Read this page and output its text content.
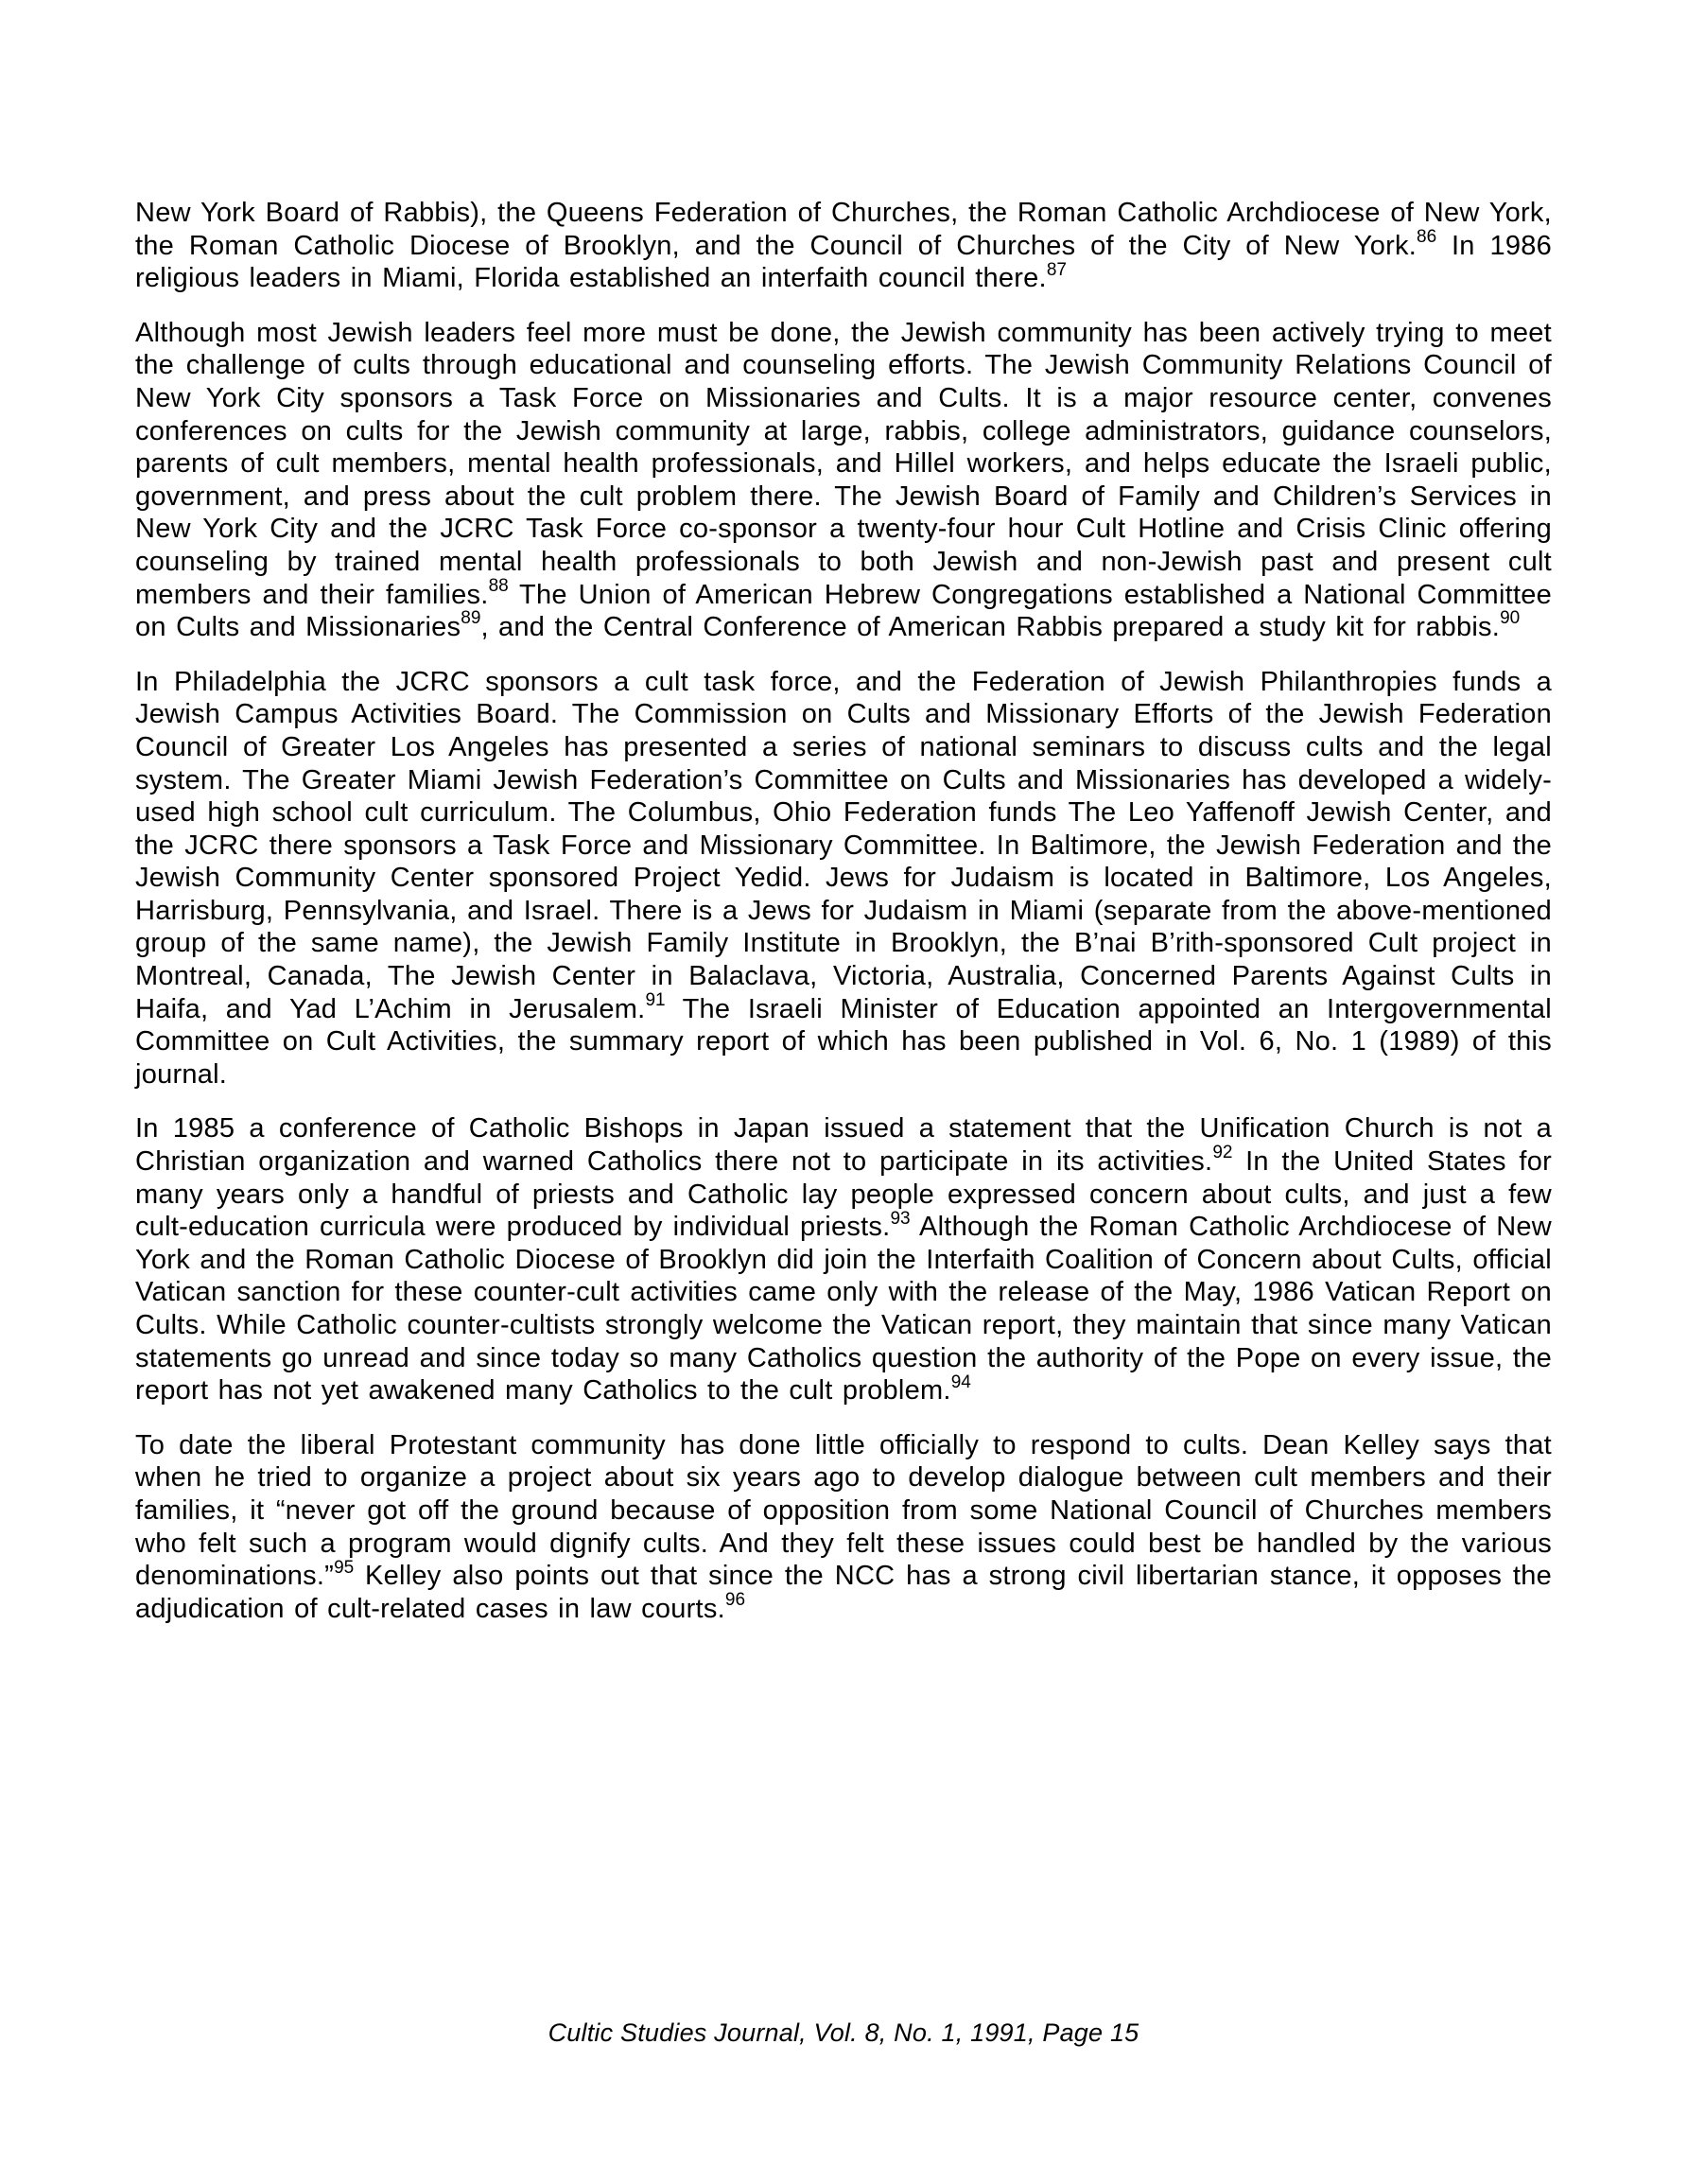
New York Board of Rabbis), the Queens Federation of Churches, the Roman Catholic Archdiocese of New York, the Roman Catholic Diocese of Brooklyn, and the Council of Churches of the City of New York.$^{86}$ In 1986 religious leaders in Miami, Florida established an interfaith council there.$^{87}$

Although most Jewish leaders feel more must be done, the Jewish community has been actively trying to meet the challenge of cults through educational and counseling efforts. The Jewish Community Relations Council of New York City sponsors a Task Force on Missionaries and Cults. It is a major resource center, convenes conferences on cults for the Jewish community at large, rabbis, college administrators, guidance counselors, parents of cult members, mental health professionals, and Hillel workers, and helps educate the Israeli public, government, and press about the cult problem there. The Jewish Board of Family and Children’s Services in New York City and the JCRC Task Force co-sponsor a twenty-four hour Cult Hotline and Crisis Clinic offering counseling by trained mental health professionals to both Jewish and non-Jewish past and present cult members and their families.$^{88}$ The Union of American Hebrew Congregations established a National Committee on Cults and Missionaries$^{89}$, and the Central Conference of American Rabbis prepared a study kit for rabbis.$^{90}$

In Philadelphia the JCRC sponsors a cult task force, and the Federation of Jewish Philanthropies funds a Jewish Campus Activities Board. The Commission on Cults and Missionary Efforts of the Jewish Federation Council of Greater Los Angeles has presented a series of national seminars to discuss cults and the legal system. The Greater Miami Jewish Federation’s Committee on Cults and Missionaries has developed a widely-used high school cult curriculum. The Columbus, Ohio Federation funds The Leo Yaffenoff Jewish Center, and the JCRC there sponsors a Task Force and Missionary Committee. In Baltimore, the Jewish Federation and the Jewish Community Center sponsored Project Yedid. Jews for Judaism is located in Baltimore, Los Angeles, Harrisburg, Pennsylvania, and Israel. There is a Jews for Judaism in Miami (separate from the above-mentioned group of the same name), the Jewish Family Institute in Brooklyn, the B’nai B’rith-sponsored Cult project in Montreal, Canada, The Jewish Center in Balaclava, Victoria, Australia, Concerned Parents Against Cults in Haifa, and Yad L’Achim in Jerusalem.$^{91}$ The Israeli Minister of Education appointed an Intergovernmental Committee on Cult Activities, the summary report of which has been published in Vol. 6, No. 1 (1989) of this journal.

In 1985 a conference of Catholic Bishops in Japan issued a statement that the Unification Church is not a Christian organization and warned Catholics there not to participate in its activities.$^{92}$ In the United States for many years only a handful of priests and Catholic lay people expressed concern about cults, and just a few cult-education curricula were produced by individual priests.$^{93}$ Although the Roman Catholic Archdiocese of New York and the Roman Catholic Diocese of Brooklyn did join the Interfaith Coalition of Concern about Cults, official Vatican sanction for these counter-cult activities came only with the release of the May, 1986 Vatican Report on Cults. While Catholic counter-cultists strongly welcome the Vatican report, they maintain that since many Vatican statements go unread and since today so many Catholics question the authority of the Pope on every issue, the report has not yet awakened many Catholics to the cult problem.$^{94}$

To date the liberal Protestant community has done little officially to respond to cults. Dean Kelley says that when he tried to organize a project about six years ago to develop dialogue between cult members and their families, it “never got off the ground because of opposition from some National Council of Churches members who felt such a program would dignify cults. And they felt these issues could best be handled by the various denominations.”$^{95}$ Kelley also points out that since the NCC has a strong civil libertarian stance, it opposes the adjudication of cult-related cases in law courts.$^{96}$

Cultic Studies Journal, Vol. 8, No. 1, 1991, Page 15
